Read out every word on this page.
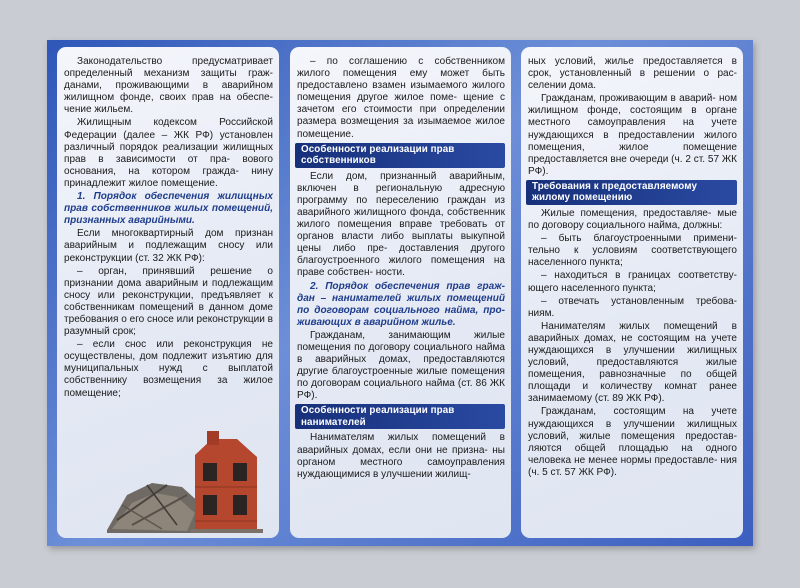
Законодательство предусматривает определенный механизм защиты граж- данами, проживающими в аварийном жилищном фонде, своих прав на обеспе- чение жильем.

Жилищным кодексом Российской Федерации (далее – ЖК РФ) установлен различный порядок реализации жилищных прав в зависимости от пра- вового основания, на котором гражда- нину принадлежит жилое помещение.

1. Порядок обеспечения жилищных прав собственников жилых помещений, признанных аварийными.

Если многоквартирный дом признан аварийным и подлежащим сносу или реконструкции (ст. 32 ЖК РФ):

– орган, принявший решение о признании дома аварийным и подлежащим сносу или реконструкции, предъявляет к собственникам помещений в данном доме требования о его сносе или реконструкции в разумный срок;

– если снос или реконструкция не осуществлены, дом подлежит изъятию для муниципальных нужд с выплатой собственнику возмещения за жилое помещение;

– по соглашению с собственником жилого помещения ему может быть предоставлено взамен изымаемого жилого помещения другое жилое поме- щение с зачетом его стоимости при определении размера возмещения за изымаемое жилое помещение.

Особенности реализации прав собственников

Если дом, признанный аварийным, включен в региональную адресную программу по переселению граждан из аварийного жилищного фонда, собственник жилого помещения вправе требовать от органов власти либо выплаты выкупной цены либо пре- доставления другого благоустроенного жилого помещения на праве собствен- ности.

2. Порядок обеспечения прав граж- дан – нанимателей жилых помещений по договорам социального найма, про- живающих в аварийном жилье.

Гражданам, занимающим жилые помещения по договору социального найма в аварийных домах, предоставляются другие благоустроенные жилые помещения по договорам социального найма (ст. 86 ЖК РФ).

Особенности реализации прав нанимателей

Нанимателям жилых помещений в аварийных домах, если они не призна- ны органом местного самоуправления нуждающимися в улучшении жилищ-

ных условий, жилье предоставляется в срок, установленный в решении о рас- селении дома.

Гражданам, проживающим в аварий- ном жилищном фонде, состоящим в органе местного самоуправления на учете нуждающихся в предоставлении жилого помещения, жилое помещение предоставляется вне очереди (ч. 2 ст. 57 ЖК РФ).

Требования к предоставляемому жилому помещению

Жилые помещения, предоставляе- мые по договору социального найма, должны:

– быть благоустроенными примени- тельно к условиям соответствующего населенного пункта;

– находиться в границах соответству- ющего населенного пункта;

– отвечать установленным требова- ниям.

Нанимателям жилых помещений в аварийных домах, не состоящим на учете нуждающихся в улучшении жилищных условий, предоставляются жилые помещения, равнозначные по общей площади и количеству комнат ранее занимаемому (ст. 89 ЖК РФ).

Гражданам, состоящим на учете нуждающихся в улучшении жилищных условий, жилые помещения предостав- ляются общей площадью на одного человека не менее нормы предоставле- ния (ч. 5 ст. 57 ЖК РФ).
